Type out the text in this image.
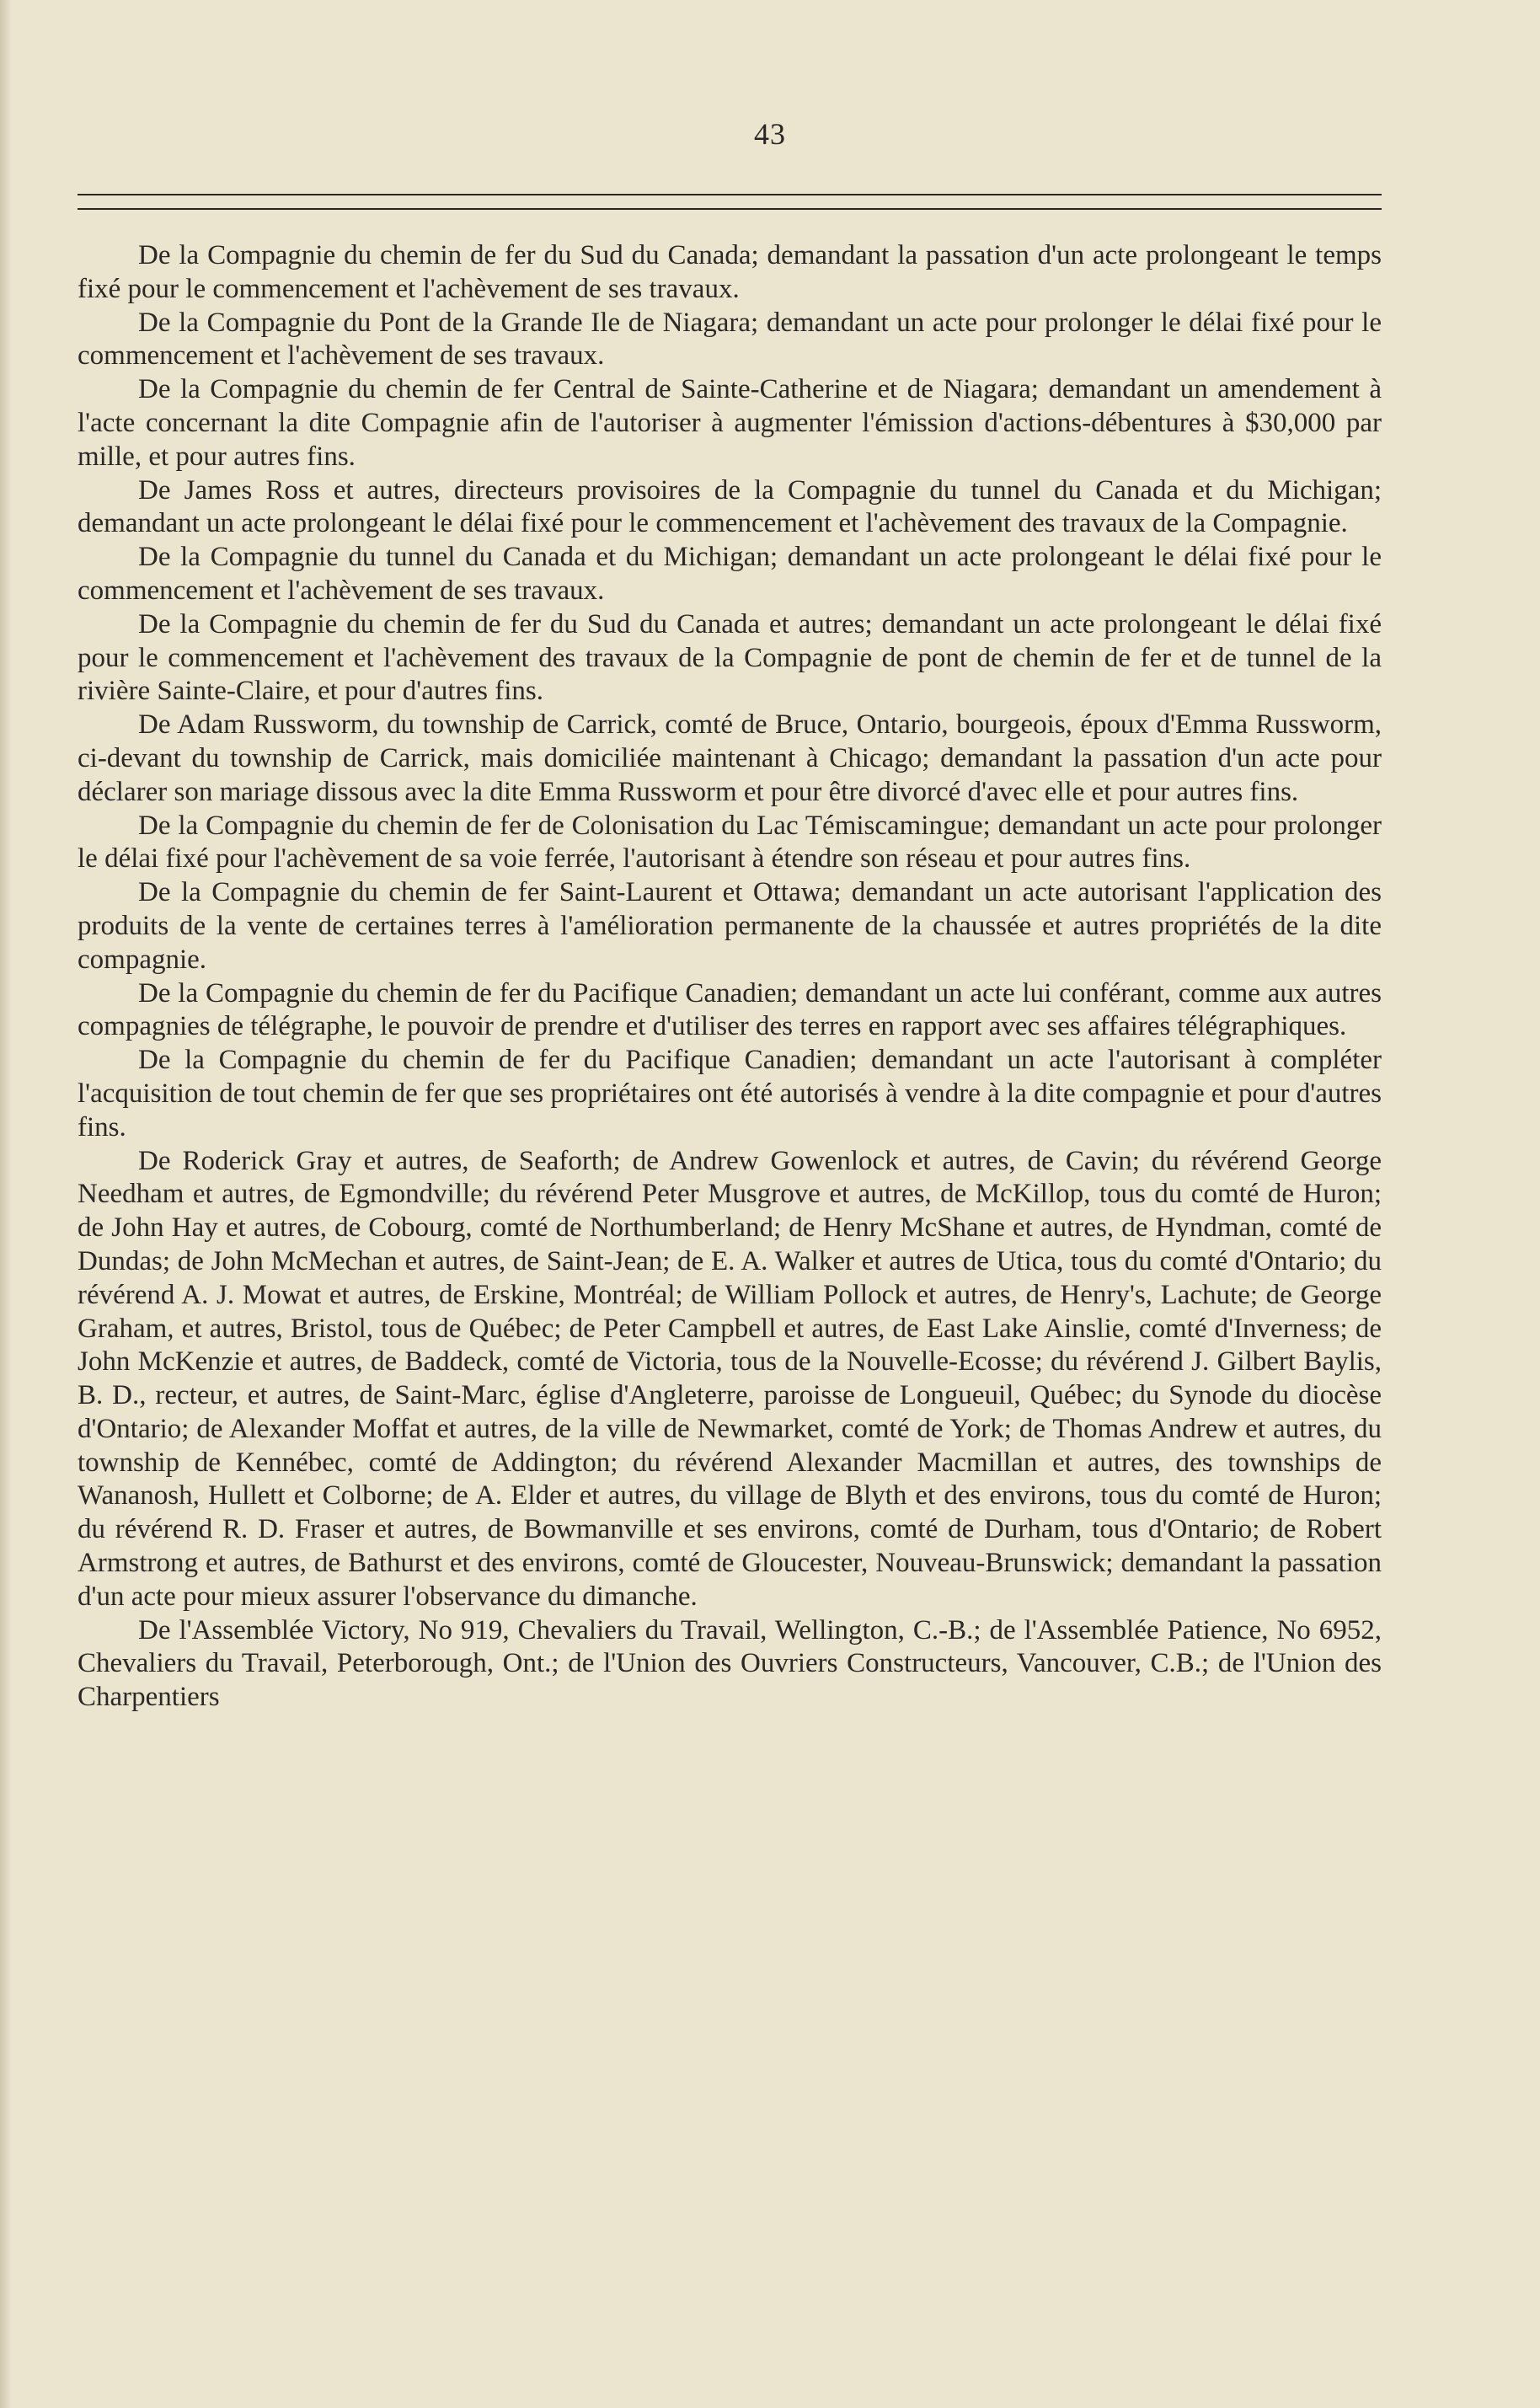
43

De la Compagnie du chemin de fer du Sud du Canada; demandant la passation d'un acte prolongeant le temps fixé pour le commencement et l'achèvement de ses travaux.

De la Compagnie du Pont de la Grande Ile de Niagara; demandant un acte pour prolonger le délai fixé pour le commencement et l'achèvement de ses travaux.

De la Compagnie du chemin de fer Central de Sainte-Catherine et de Niagara; demandant un amendement à l'acte concernant la dite Compagnie afin de l'autoriser à augmenter l'émission d'actions-débentures à $30,000 par mille, et pour autres fins.

De James Ross et autres, directeurs provisoires de la Compagnie du tunnel du Canada et du Michigan; demandant un acte prolongeant le délai fixé pour le commencement et l'achèvement des travaux de la Compagnie.

De la Compagnie du tunnel du Canada et du Michigan; demandant un acte prolongeant le délai fixé pour le commencement et l'achèvement de ses travaux.

De la Compagnie du chemin de fer du Sud du Canada et autres; demandant un acte prolongeant le délai fixé pour le commencement et l'achèvement des travaux de la Compagnie de pont de chemin de fer et de tunnel de la rivière Sainte-Claire, et pour d'autres fins.

De Adam Russworm, du township de Carrick, comté de Bruce, Ontario, bourgeois, époux d'Emma Russworm, ci-devant du township de Carrick, mais domiciliée maintenant à Chicago; demandant la passation d'un acte pour déclarer son mariage dissous avec la dite Emma Russworm et pour être divorcé d'avec elle et pour autres fins.

De la Compagnie du chemin de fer de Colonisation du Lac Témiscamingue; demandant un acte pour prolonger le délai fixé pour l'achèvement de sa voie ferrée, l'autorisant à étendre son réseau et pour autres fins.

De la Compagnie du chemin de fer Saint-Laurent et Ottawa; demandant un acte autorisant l'application des produits de la vente de certaines terres à l'amélioration permanente de la chaussée et autres propriétés de la dite compagnie.

De la Compagnie du chemin de fer du Pacifique Canadien; demandant un acte lui conférant, comme aux autres compagnies de télégraphe, le pouvoir de prendre et d'utiliser des terres en rapport avec ses affaires télégraphiques.

De la Compagnie du chemin de fer du Pacifique Canadien; demandant un acte l'autorisant à compléter l'acquisition de tout chemin de fer que ses propriétaires ont été autorisés à vendre à la dite compagnie et pour d'autres fins.

De Roderick Gray et autres, de Seaforth; de Andrew Gowenlock et autres, de Cavin; du révérend George Needham et autres, de Egmondville; du révérend Peter Musgrove et autres, de McKillop, tous du comté de Huron; de John Hay et autres, de Cobourg, comté de Northumberland; de Henry McShane et autres, de Hyndman, comté de Dundas; de John McMechan et autres, de Saint-Jean; de E. A. Walker et autres de Utica, tous du comté d'Ontario; du révérend A. J. Mowat et autres, de Erskine, Montréal; de William Pollock et autres, de Henry's, Lachute; de George Graham, et autres, Bristol, tous de Québec; de Peter Campbell et autres, de East Lake Ainslie, comté d'Inverness; de John McKenzie et autres, de Baddeck, comté de Victoria, tous de la Nouvelle-Ecosse; du révérend J. Gilbert Baylis, B. D., recteur, et autres, de Saint-Marc, église d'Angleterre, paroisse de Longueuil, Québec; du Synode du diocèse d'Ontario; de Alexander Moffat et autres, de la ville de Newmarket, comté de York; de Thomas Andrew et autres, du township de Kennébec, comté de Addington; du révérend Alexander Macmillan et autres, des townships de Wananosh, Hullett et Colborne; de A. Elder et autres, du village de Blyth et des environs, tous du comté de Huron; du révérend R. D. Fraser et autres, de Bowmanville et ses environs, comté de Durham, tous d'Ontario; de Robert Armstrong et autres, de Bathurst et des environs, comté de Gloucester, Nouveau-Brunswick; demandant la passation d'un acte pour mieux assurer l'observance du dimanche.

De l'Assemblée Victory, No 919, Chevaliers du Travail, Wellington, C.-B.; de l'Assemblée Patience, No 6952, Chevaliers du Travail, Peterborough, Ont.; de l'Union des Ouvriers Constructeurs, Vancouver, C.B.; de l'Union des Charpentiers
